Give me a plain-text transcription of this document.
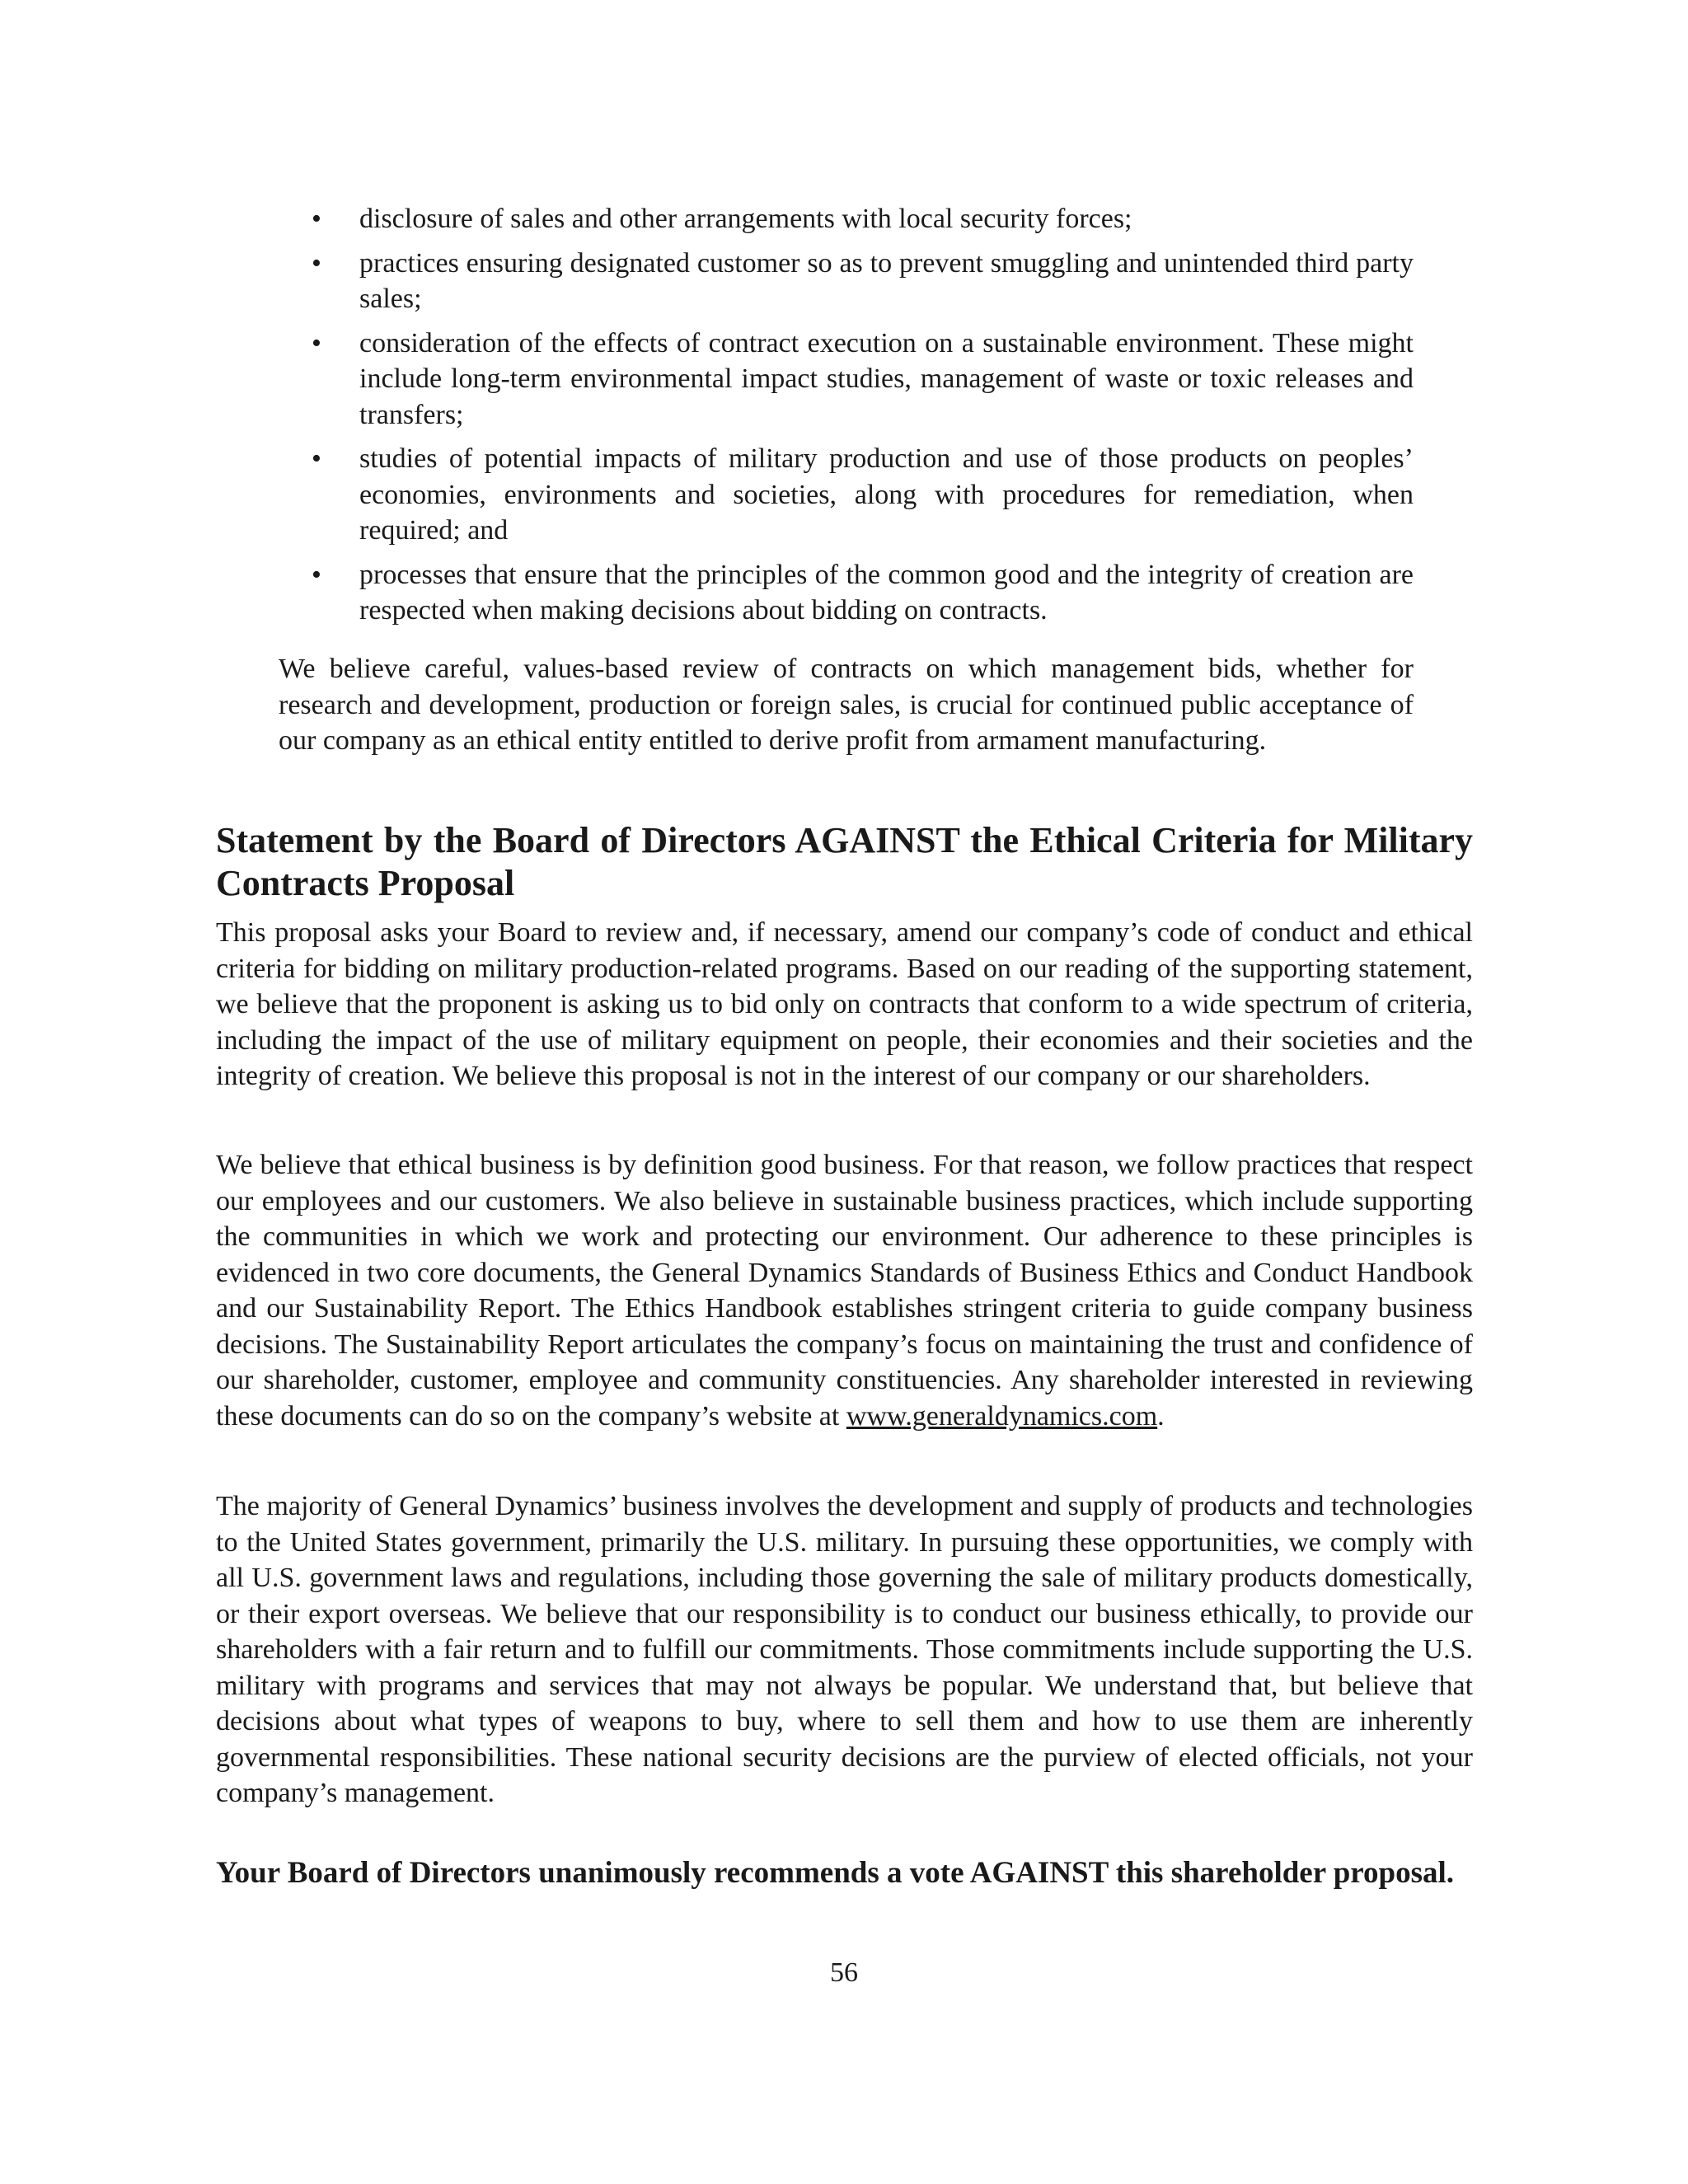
• disclosure of sales and other arrangements with local security forces;
• practices ensuring designated customer so as to prevent smuggling and unintended third party sales;
• consideration of the effects of contract execution on a sustainable environment. These might include long-term environmental impact studies, management of waste or toxic releases and transfers;
• studies of potential impacts of military production and use of those products on peoples’ economies, environments and societies, along with procedures for remediation, when required; and
• processes that ensure that the principles of the common good and the integrity of creation are respected when making decisions about bidding on contracts.

We believe careful, values-based review of contracts on which management bids, whether for research and development, production or foreign sales, is crucial for continued public acceptance of our company as an ethical entity entitled to derive profit from armament manufacturing.

Statement by the Board of Directors AGAINST the Ethical Criteria for Military Contracts Proposal

This proposal asks your Board to review and, if necessary, amend our company’s code of conduct and ethical criteria for bidding on military production-related programs. Based on our reading of the supporting statement, we believe that the proponent is asking us to bid only on contracts that conform to a wide spectrum of criteria, including the impact of the use of military equipment on people, their economies and their societies and the integrity of creation. We believe this proposal is not in the interest of our company or our shareholders.

We believe that ethical business is by definition good business. For that reason, we follow practices that respect our employees and our customers. We also believe in sustainable business practices, which include supporting the communities in which we work and protecting our environment. Our adherence to these principles is evidenced in two core documents, the General Dynamics Standards of Business Ethics and Conduct Handbook and our Sustainability Report. The Ethics Handbook establishes stringent criteria to guide company business decisions. The Sustainability Report articulates the company’s focus on maintaining the trust and confidence of our shareholder, customer, employee and community constituencies. Any shareholder interested in reviewing these documents can do so on the company’s website at www.generaldynamics.com.

The majority of General Dynamics’ business involves the development and supply of products and technologies to the United States government, primarily the U.S. military. In pursuing these opportunities, we comply with all U.S. government laws and regulations, including those governing the sale of military products domestically, or their export overseas. We believe that our responsibility is to conduct our business ethically, to provide our shareholders with a fair return and to fulfill our commitments. Those commitments include supporting the U.S. military with programs and services that may not always be popular. We understand that, but believe that decisions about what types of weapons to buy, where to sell them and how to use them are inherently governmental responsibilities. These national security decisions are the purview of elected officials, not your company’s management.

Your Board of Directors unanimously recommends a vote AGAINST this shareholder proposal.

56
